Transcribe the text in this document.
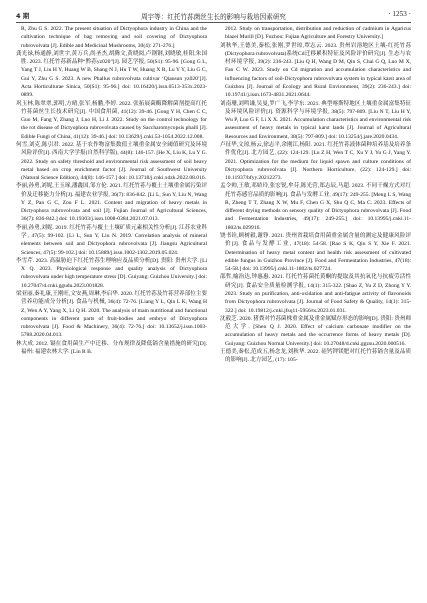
4 期	周宇等：红托竹荪菌丝生长的影响与栽培因素研究	· 1253 ·

R, Zhu G S. 2022. The present situation of Dictyophora industry in China and the cultivation technique of bag removing and soil covering of Dictyophora rubrovolvata [J]. Edible and Medicinal Mushrooms, 30(4): 271-276.]

龚光禄,杨通静,刘世宇,黄万兵,尚圣杰,胡腾文,黄晓阅,卢钢钢,刘晓敏,桂阳,朱国胜. 2023. 红托竹荪新品种“黔荪yz020”[J]. 园艺学报, 50(S1): 95-96. [Gong G L, Yang T J, Liu H Y, Huang W B, Shang N J, Hu T W, Huang X R, Lu Y Y, Liu G C, Gui Y, Zhu G S. 2023. A new Phallus rubrovolvata cultivar ‘Qiansun yz020’[J]. Acta Horticulturae Sinica, 50(S1): 95-96.] doi: 10.16420/j.issn.0513-353x.2023-0899.

巩玉林,陈翠翠,郭明,方晴,张军,杨鹏,李婷. 2022. 张拓展菌酶降解菌剂提高红托竹荪菌丝生长技术研究[J]. 中国食用菌, 41(12): 39-46. [Gong Y H, Chen C C, Guo M, Fang Y, Zhang J, Luo H, Li J. 2022. Study on the control technology for the rot disease of Dictyophora rubrovolvata caused by Saccharomycopsis phalli [J]. Edible Fungi of China, 41(12): 39-46.] doi: 10.13629/j.cnki.53-1054.2022.12.008.

何雪,刘克,陈引君. 2022. 基于农作物富集数值土壤重金属安全阈值研究及环境风险评价[J]. 西南大学学报(自然科学版), 44(8): 146-157. [He X, Liu K, Lu Y G. 2022. Study on safety threshold and environmental risk assessment of soil heavy metal based on crop enrichment factor [J]. Journal of Southwest University (Natural Science Edition), 44(8): 146-157.] doi: 10.13718/j.cnki.xdzk.2022.08.016.

李丽,孙勇,刘妮,王玉琢,潘鑫国,邹方伦. 2021. 红托竹荪与覆土土壤重金属污染评价及迁移能力分析[J]. 福建农业学报, 36(7): 836-842. [Li L, Sun Y, Liu N, Wang Y Z, Pan G C, Zou F L. 2021. Content and migration of heavy metals in Dictyophora rubrovolvata and soil [J]. Fujian Journal of Agricultural Sciences, 36(7): 836-842.] doi: 10.19303/j.issn.1008-0384.2021.07.013.

李丽,孙勇,刘妮. 2019. 红托竹荪与覆土土壤矿质元素相关性分析[J]. 江苏农业科学, 47(5): 99-102. [Li L, Sun Y, Liu N. 2019. Correlation analysis of mineral elements between soil and Dictyophora rubrovolvata [J]. Jiangsu Agricultural Sciences, 47(5): 99-102.] doi: 10.15889/j.issn.1002-1302.2019.05.024.

李雪芹. 2023. 高温胁迫下红托竹荪生理响应及品质分析[D]. 贵阳: 贵州大学. [Li X Q. 2023. Physiological response and quality analysis of Dictyophora rubrovolvata under high temperature stress [D]. Guiyang: Guizhou University.] doi: 10.27047/d.cnki.ggudu.2023.001828.

梁亚丽,秦礼康,王刚旺,文安燕,周琳,李启华. 2020. 红托竹荪及竹荪营养部位主要营养功能成分分析[J]. 食品与机械, 36(4): 72-76. [Liang Y L, Qin L K, Wang H Z, Wen A Y, Yang X, Li Q H. 2020. The analysis of main nutritional and functional components in different parts of fruit-bodies and embryo of Dictyophora rubrovolvata [J]. Food & Machinery, 36(4): 72-76.] doi: 10.13652/j.issn.1003-5788.2020.04.013.

林大成. 2012. 镉在食用菌生产中迁移、分布规律及降低镉含量措施的研究[D]. 福州: 福建农林大学. [Lin R B.

2012. Study on transportation, distribution and reduction of cadmium in Agaricus blazei Murill [D]. Fuzhou: Fujian Agriculture and Forestry University.]

刘秋华,王德美,秦松,张刚,罗世琼,覃志云. 2023. 贵州岩溶地区土壤-红托竹荪(Dictyophora rubrovolvata)系统Cd迁移累积特征及风险评价研究[J]. 生态与农村环境学报, 39(2): 236-243. [Liu Q H, Wang D M, Qin S, Chai G Q, Luo M X, Fan C W. 2023. Study on Cd migration and accumulation characteristics and influencing factors of soil-Dictyophora rubrovolvata system in typical karst area of Guizhou [J]. Journal of Ecology and Rural Environment, 39(2): 236-243.] doi: 10.19741/j.issn.1673-4831.2021.0644.

刘南珊,刘鸣谦,吴曼,罗广飞,李学东. 2021. 典型喀斯特地区土壤重金属富集特征及环境风险评价[J]. 资源科学与环境学报, 38(5): 797-809. [Liu N T, Liu H Y, Wu P, Luo G F, Li X X. 2021. Accumulation characteristics and environmental risk assessment of heavy metals in typical karst lands [J]. Journal of Agricultural Resources and Environment, 38(5): 797-809.] doi: 10.13254/j.jare.2020.0434.

卢征华,文琼,杨云,徐志平,余刚江,杨阳. 2021. 红托竹荪液体菌种培养基及培养条件优化[J]. 北方园艺, (22): 124-129. [Lu Z H, Wen T C, Xu Y J, Yu G J, Yang Y. 2021. Optimization for the medium for liquid spawn and culture conditions of Dictyophora rubrovolvata [J]. Northern Horticulture, (22): 124-129.] doi: 10.11937/bfyy.20212273.

孟令帅,王敏,邓娇玲,张宏锐,牟芬,陈光营,郑志辰,马超. 2023. 不同干燥方式对红托竹荪感官品质的影响[J]. 食品与发酵工业, 49(17): 249-255. [Meng L S, Wang R, Zheng T T, Zhang X W, Mu F, Chen G X, Shu Q C, Ma C. 2023. Effects of different drying methods on sensory quality of Dictyophora rubrovolvata [J]. Food and Fermentation Industries, 49(17): 249-255.] doi: 10.13995/j.cnki.11-1802/ts.029916.

饶书铨,顾树毅,谢铮. 2021. 贵州省栽培食用菌重金属含量的测定及健康风险评价[J]. 食品与发酵工业, 47(18): 54-58. [Rao S K, Qiu S Y, Xie F. 2021. Determination of heavy metal content and health risk assessment of cultivated edible fungus in Guizhou Province [J]. Food and Fermentation Industries, 47(18): 54-58.] doi: 10.13995/j.cnki.11-1802/ts.027724.

邵哲,喻治达,钟惠惠. 2021. 红托竹荪菌托黄酮的提取及其抗氧化与抗疲劳活性研究[J]. 食品安全质量检测学报, 14(1): 315-322. [Shao Z, Yu Z D, Zhong Y Y. 2023. Study on purification, anti-oxidation and anti-fatigue activity of flavonoids from Dictyophora rubrovolvata [J]. Journal of Food Safety & Quality, 14(1): 315-322.] doi: 10.19812/j.cnki.jfsq11-5956/ts.2023.01.031.

沈毅芝. 2020. 猪粪对竹荪菌株重金属及重金属赋存形态的影响[D]. 贵阳: 贵州师范大学. [Shen Q J. 2020. Effect of calcium carbonate modifier on the accumulation of heavy metals and the occurrence forms of heavy metals [D]. Guiyang: Guizhou Normal University.] doi: 10.27048/d.cnki.ggzsu.2020.000516.

王德美,秦松,范成五,杨念龙,刘秋华. 2022. 硅钙钾镁肥对红托竹荪镉含量及品质的影响[J]. 北方园艺, (17): 105-
